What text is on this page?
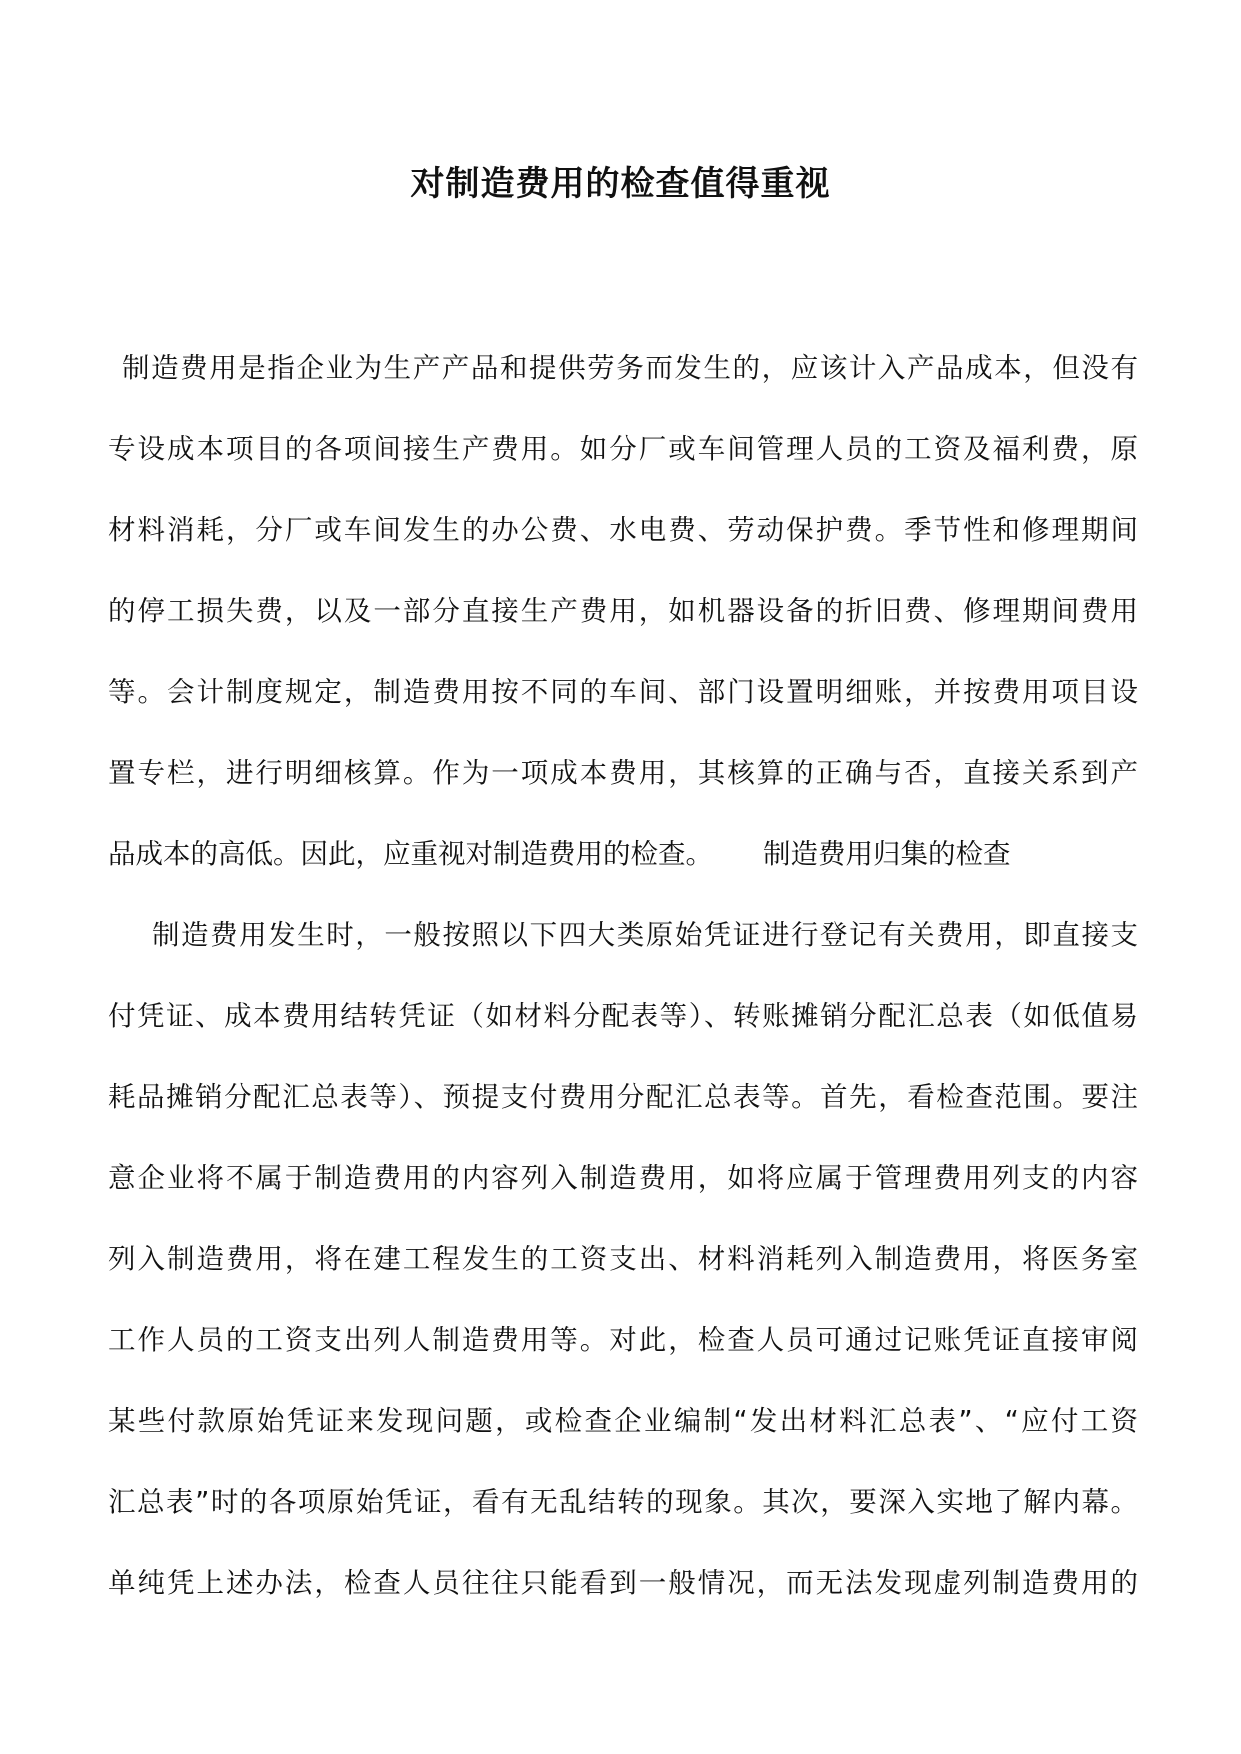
对制造费用的检查值得重视
制造费用是指企业为生产产品和提供劳务而发生的，应该计入产品成本，但没有
专设成本项目的各项间接生产费用。如分厂或车间管理人员的工资及福利费，原
材料消耗，分厂或车间发生的办公费、水电费、劳动保护费。季节性和修理期间
的停工损失费，以及一部分直接生产费用，如机器设备的折旧费、修理期间费用
等。会计制度规定，制造费用按不同的车间、部门设置明细账，并按费用项目设
置专栏，进行明细核算。作为一项成本费用，其核算的正确与否，直接关系到产
品成本的高低。因此，应重视对制造费用的检查。 制造费用归集的检查
制造费用发生时，一般按照以下四大类原始凭证进行登记有关费用，即直接支
付凭证、成本费用结转凭证（如材料分配表等）、转账摊销分配汇总表（如低值易
耗品摊销分配汇总表等）、预提支付费用分配汇总表等。首先，看检查范围。要注
意企业将不属于制造费用的内容列入制造费用，如将应属于管理费用列支的内容
列入制造费用，将在建工程发生的工资支出、材料消耗列入制造费用，将医务室
工作人员的工资支出列人制造费用等。对此，检查人员可通过记账凭证直接审阅
某些付款原始凭证来发现问题，或检查企业编制“发出材料汇总表”、“应付工资
汇总表”时的各项原始凭证，看有无乱结转的现象。其次，要深入实地了解内幕。
单纯凭上述办法，检查人员往往只能看到一般情况，而无法发现虚列制造费用的
